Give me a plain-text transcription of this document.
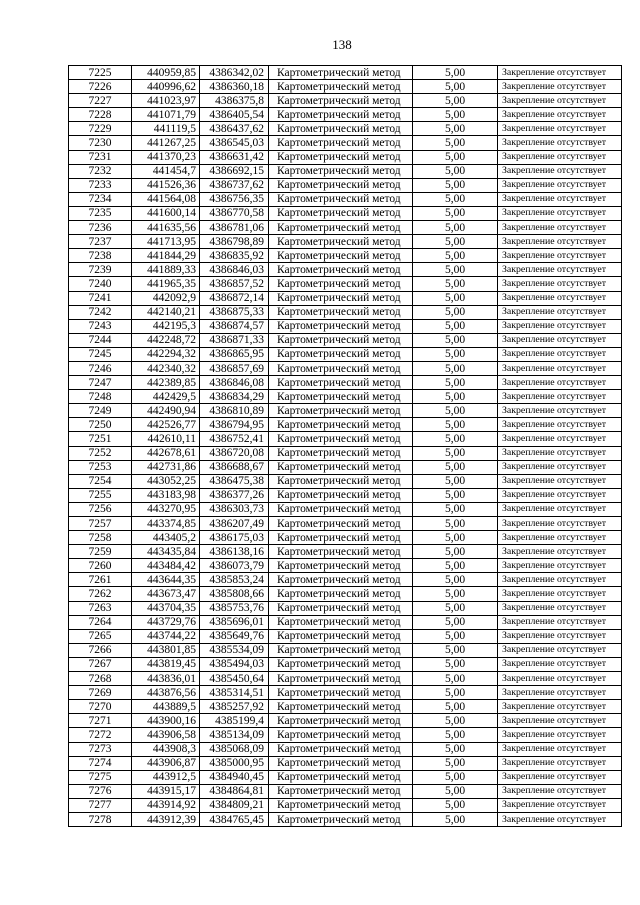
138
7225	440959,85	4386342,02	Картометрический метод	5,00	Закрепление отсутствует
7226	440996,62	4386360,18	Картометрический метод	5,00	Закрепление отсутствует
7227	441023,97	4386375,8	Картометрический метод	5,00	Закрепление отсутствует
7228	441071,79	4386405,54	Картометрический метод	5,00	Закрепление отсутствует
7229	441119,5	4386437,62	Картометрический метод	5,00	Закрепление отсутствует
7230	441267,25	4386545,03	Картометрический метод	5,00	Закрепление отсутствует
7231	441370,23	4386631,42	Картометрический метод	5,00	Закрепление отсутствует
7232	441454,7	4386692,15	Картометрический метод	5,00	Закрепление отсутствует
7233	441526,36	4386737,62	Картометрический метод	5,00	Закрепление отсутствует
7234	441564,08	4386756,35	Картометрический метод	5,00	Закрепление отсутствует
7235	441600,14	4386770,58	Картометрический метод	5,00	Закрепление отсутствует
7236	441635,56	4386781,06	Картометрический метод	5,00	Закрепление отсутствует
7237	441713,95	4386798,89	Картометрический метод	5,00	Закрепление отсутствует
7238	441844,29	4386835,92	Картометрический метод	5,00	Закрепление отсутствует
7239	441889,33	4386846,03	Картометрический метод	5,00	Закрепление отсутствует
7240	441965,35	4386857,52	Картометрический метод	5,00	Закрепление отсутствует
7241	442092,9	4386872,14	Картометрический метод	5,00	Закрепление отсутствует
7242	442140,21	4386875,33	Картометрический метод	5,00	Закрепление отсутствует
7243	442195,3	4386874,57	Картометрический метод	5,00	Закрепление отсутствует
7244	442248,72	4386871,33	Картометрический метод	5,00	Закрепление отсутствует
7245	442294,32	4386865,95	Картометрический метод	5,00	Закрепление отсутствует
7246	442340,32	4386857,69	Картометрический метод	5,00	Закрепление отсутствует
7247	442389,85	4386846,08	Картометрический метод	5,00	Закрепление отсутствует
7248	442429,5	4386834,29	Картометрический метод	5,00	Закрепление отсутствует
7249	442490,94	4386810,89	Картометрический метод	5,00	Закрепление отсутствует
7250	442526,77	4386794,95	Картометрический метод	5,00	Закрепление отсутствует
7251	442610,11	4386752,41	Картометрический метод	5,00	Закрепление отсутствует
7252	442678,61	4386720,08	Картометрический метод	5,00	Закрепление отсутствует
7253	442731,86	4386688,67	Картометрический метод	5,00	Закрепление отсутствует
7254	443052,25	4386475,38	Картометрический метод	5,00	Закрепление отсутствует
7255	443183,98	4386377,26	Картометрический метод	5,00	Закрепление отсутствует
7256	443270,95	4386303,73	Картометрический метод	5,00	Закрепление отсутствует
7257	443374,85	4386207,49	Картометрический метод	5,00	Закрепление отсутствует
7258	443405,2	4386175,03	Картометрический метод	5,00	Закрепление отсутствует
7259	443435,84	4386138,16	Картометрический метод	5,00	Закрепление отсутствует
7260	443484,42	4386073,79	Картометрический метод	5,00	Закрепление отсутствует
7261	443644,35	4385853,24	Картометрический метод	5,00	Закрепление отсутствует
7262	443673,47	4385808,66	Картометрический метод	5,00	Закрепление отсутствует
7263	443704,35	4385753,76	Картометрический метод	5,00	Закрепление отсутствует
7264	443729,76	4385696,01	Картометрический метод	5,00	Закрепление отсутствует
7265	443744,22	4385649,76	Картометрический метод	5,00	Закрепление отсутствует
7266	443801,85	4385534,09	Картометрический метод	5,00	Закрепление отсутствует
7267	443819,45	4385494,03	Картометрический метод	5,00	Закрепление отсутствует
7268	443836,01	4385450,64	Картометрический метод	5,00	Закрепление отсутствует
7269	443876,56	4385314,51	Картометрический метод	5,00	Закрепление отсутствует
7270	443889,5	4385257,92	Картометрический метод	5,00	Закрепление отсутствует
7271	443900,16	4385199,4	Картометрический метод	5,00	Закрепление отсутствует
7272	443906,58	4385134,09	Картометрический метод	5,00	Закрепление отсутствует
7273	443908,3	4385068,09	Картометрический метод	5,00	Закрепление отсутствует
7274	443906,87	4385000,95	Картометрический метод	5,00	Закрепление отсутствует
7275	443912,5	4384940,45	Картометрический метод	5,00	Закрепление отсутствует
7276	443915,17	4384864,81	Картометрический метод	5,00	Закрепление отсутствует
7277	443914,92	4384809,21	Картометрический метод	5,00	Закрепление отсутствует
7278	443912,39	4384765,45	Картометрический метод	5,00	Закрепление отсутствует
